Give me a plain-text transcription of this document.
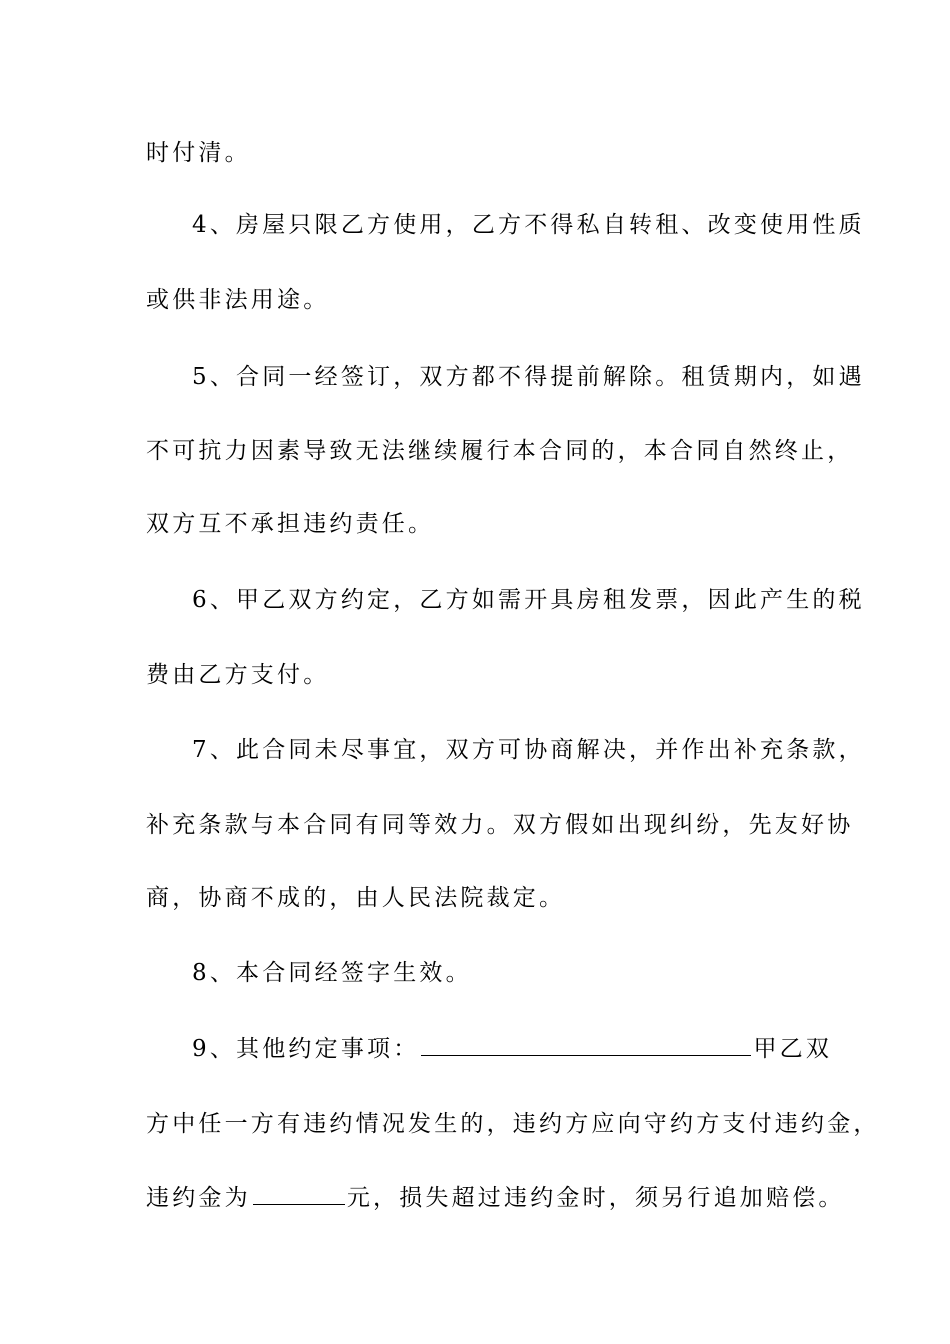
时付清。
4、房屋只限乙方使用，乙方不得私自转租、改变使用性质
或供非法用途。
5、合同一经签订，双方都不得提前解除。租赁期内，如遇
不可抗力因素导致无法继续履行本合同的，本合同自然终止，
双方互不承担违约责任。
6、甲乙双方约定，乙方如需开具房租发票，因此产生的税
费由乙方支付。
7、此合同未尽事宜，双方可协商解决，并作出补充条款，
补充条款与本合同有同等效力。双方假如出现纠纷，先友好协
商，协商不成的，由人民法院裁定。
8、本合同经签字生效。
9、其他约定事项：	甲乙双
方中任一方有违约情况发生的，违约方应向守约方支付违约金，
违约金为	元，损失超过违约金时，须另行追加赔偿。
